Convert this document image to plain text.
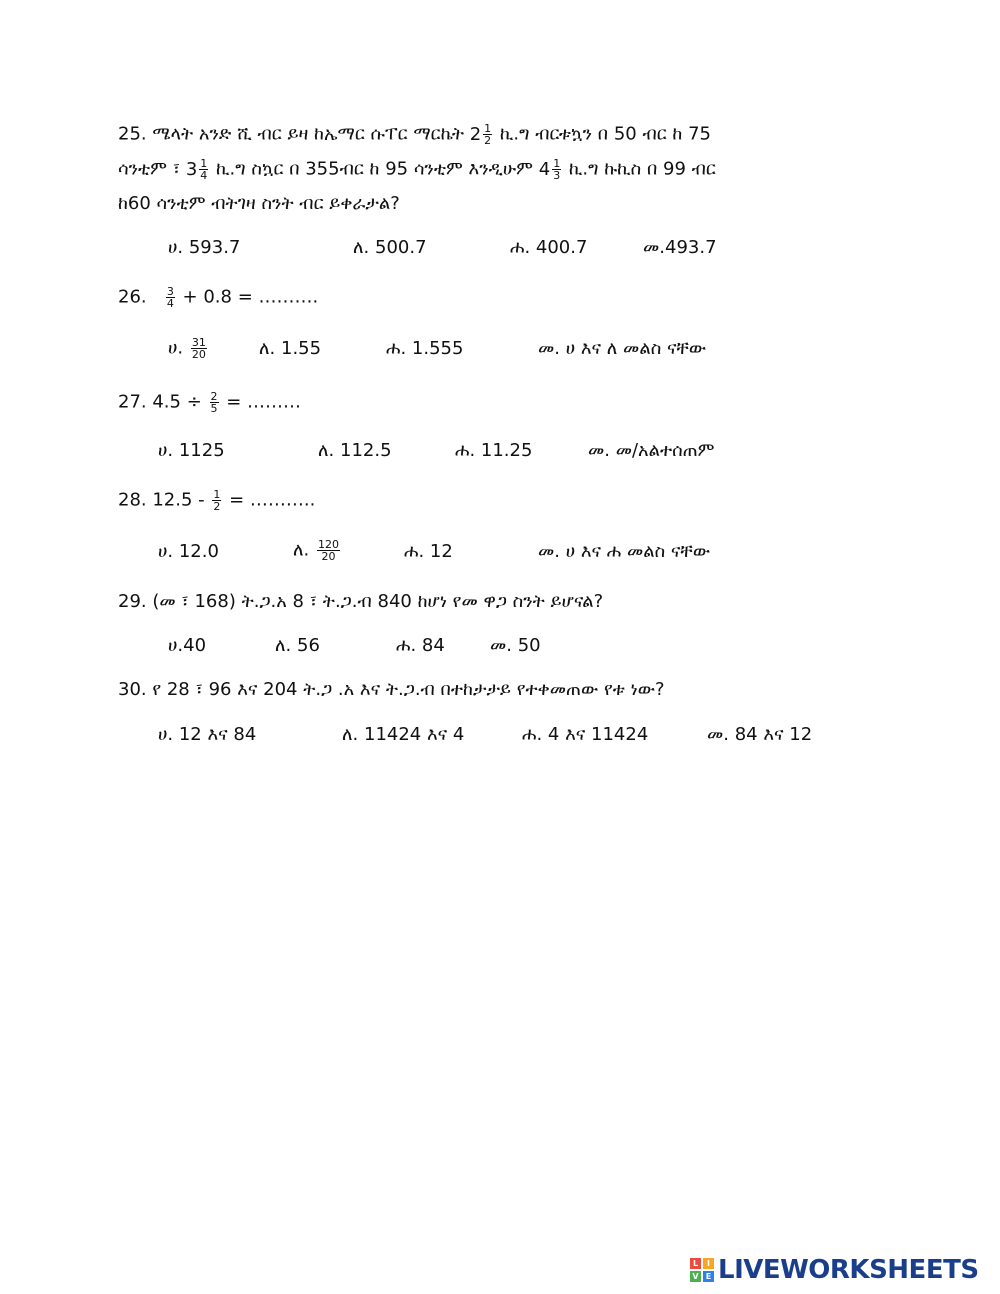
25. ሜላት አንድ ሺ ብር ይዛ ከኤማር ሱፐር ማርኬት $2 \frac{1}{2}$ ኪ.ግ ብርቱኳን በ 50 ብር ከ 75
ሳንቲም ፣ $3 \frac{1}{4}$ ኪ.ግ ስኳር በ 355ብር ከ 95 ሳንቲም እንዲሁም $4 \frac{1}{3}$ ኪ.ግ ኩኪስ በ 99 ብር
ከ60 ሳንቲም ብትገዛ ስንት ብር ይቀራታል?
ሀ. 593.7	ለ. 500.7	ሐ. 400.7	መ.493.7
26. $\frac{3}{4} + 0.8$ = ……….
ሀ. $\frac{31}{20}$	ለ. 1.55	ሐ. 1.555	መ. ሀ እና ለ መልስ ናቸው
27. $4.5 \div \frac{2}{5}$ = ………
ሀ. 1125	ለ. 112.5	ሐ. 11.25	መ. መ/አልተሰጠም
28. $12.5 - \frac{1}{2}$ = ………..
ሀ. 12.0	ለ. $\frac{120}{20}$	ሐ. 12	መ. ሀ እና ሐ መልስ ናቸው
29. (መ ፣ 168) ት.ጋ.አ 8 ፣ ት.ጋ.ብ 840 ከሆነ የመ ዋጋ ስንት ይሆናል?
ሀ.40	ለ. 56	ሐ. 84	መ. 50
30. የ 28 ፣ 96 እና 204 ት.ጋ .አ እና ት.ጋ.ብ በተከታታይ የተቀመጠው የቱ ነው?
ሀ. 12 እና 84	ለ. 11424 እና 4	ሐ. 4 እና 11424	መ. 84 እና 12
L	I
V E LIVEWORKSHEETS
